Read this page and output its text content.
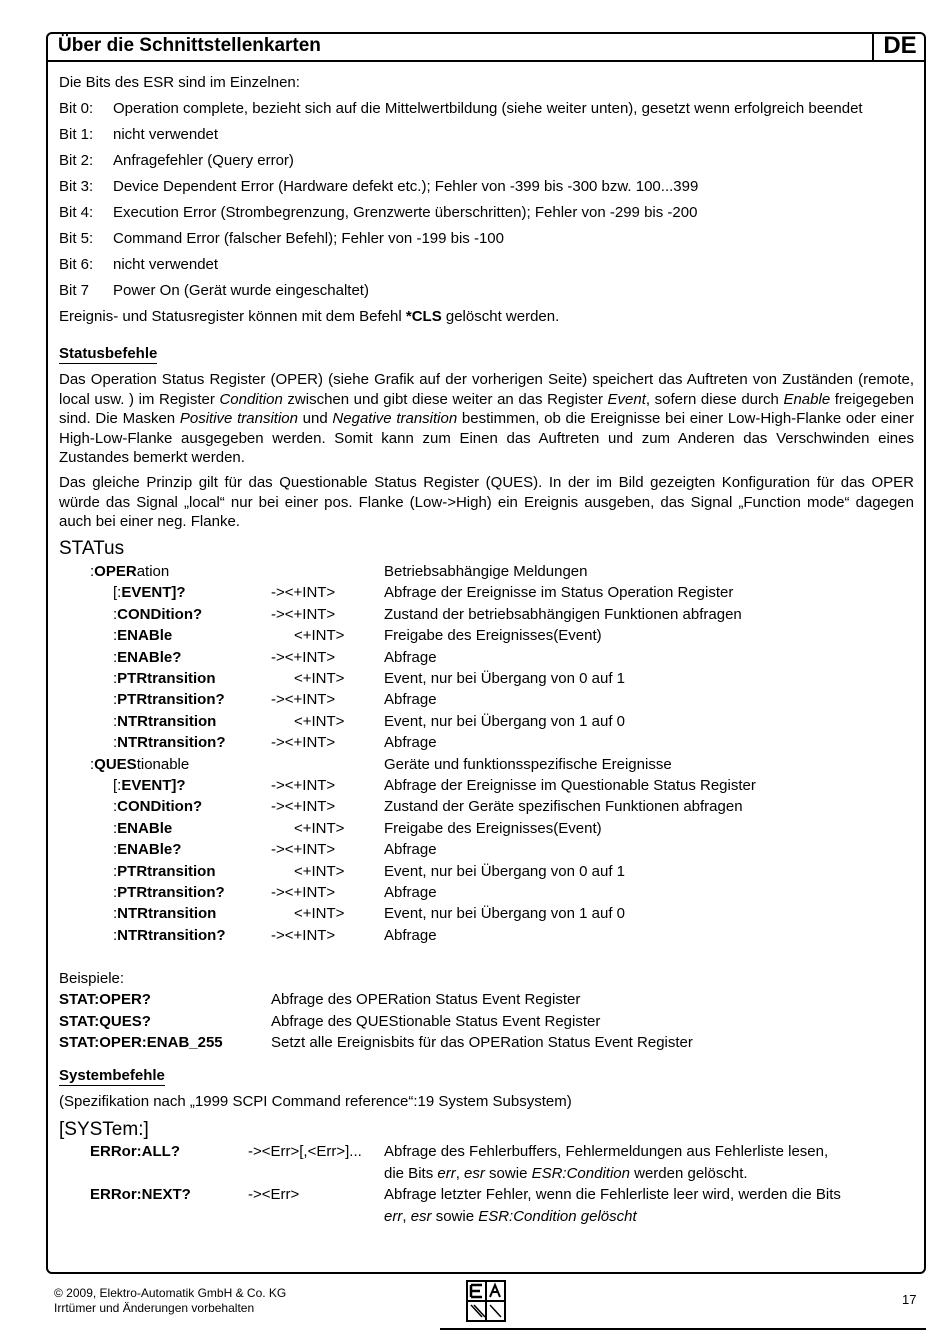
Über die Schnittstellenkarten	DE
Die Bits des ESR sind im Einzelnen:
Bit 0: Operation complete, bezieht sich auf die Mittelwertbildung (siehe weiter unten), gesetzt wenn erfolgreich beendet
Bit 1: nicht verwendet
Bit 2: Anfragefehler (Query error)
Bit 3: Device Dependent Error (Hardware defekt etc.); Fehler von -399 bis -300 bzw. 100...399
Bit 4: Execution Error (Strombegrenzung, Grenzwerte überschritten); Fehler von -299 bis -200
Bit 5: Command Error (falscher Befehl); Fehler von -199 bis -100
Bit 6: nicht verwendet
Bit 7 Power On (Gerät wurde eingeschaltet)
Ereignis- und Statusregister können mit dem Befehl *CLS gelöscht werden.
Statusbefehle
Das Operation Status Register (OPER) (siehe Grafik auf der vorherigen Seite) speichert das Auftreten von Zuständen (remote, local usw. ) im Register Condition zwischen und gibt diese weiter an das Register Event, sofern diese durch Enable freigegeben sind. Die Masken Positive transition und Negative transition bestimmen, ob die Ereignisse bei einer Low-High-Flanke oder einer High-Low-Flanke ausgegeben werden. Somit kann zum Einen das Auftreten und zum Anderen das Verschwinden eines Zustandes bemerkt werden.
Das gleiche Prinzip gilt für das Questionable Status Register (QUES). In der im Bild gezeigten Konfiguration für das OPER würde das Signal „local“ nur bei einer pos. Flanke (Low->High) ein Ereignis ausgeben, das Signal „Function mode“ dagegen auch bei einer neg. Flanke.
STATus
:OPERation	Betriebsabhängige Meldungen
[:EVENT]?	-><+INT>	Abfrage der Ereignisse im Status Operation Register
:CONDition?	-><+INT>	Zustand der betriebsabhängigen Funktionen abfragen
:ENABle	<+INT>	Freigabe des Ereignisses(Event)
:ENABle?	-><+INT>	Abfrage
:PTRtransition	<+INT>	Event, nur bei Übergang von 0 auf 1
:PTRtransition?	-><+INT>	Abfrage
:NTRtransition	<+INT>	Event, nur bei Übergang von 1 auf 0
:NTRtransition?	-><+INT>	Abfrage
:QUEStionable	Geräte und funktionsspezifische Ereignisse
[:EVENT]?	-><+INT>	Abfrage der Ereignisse im Questionable Status Register
:CONDition?	-><+INT>	Zustand der Geräte spezifischen Funktionen abfragen
:ENABle	<+INT>	Freigabe des Ereignisses(Event)
:ENABle?	-><+INT>	Abfrage
:PTRtransition	<+INT>	Event, nur bei Übergang von 0 auf 1
:PTRtransition?	-><+INT>	Abfrage
:NTRtransition	<+INT>	Event, nur bei Übergang von 1 auf 0
:NTRtransition?	-><+INT>	Abfrage
Beispiele:
STAT:OPER?	Abfrage des OPERation Status Event Register
STAT:QUES?	Abfrage des QUEStionable Status Event Register
STAT:OPER:ENAB_255	Setzt alle Ereignisbits für das OPERation Status Event Register
Systembefehle
(Spezifikation nach „1999 SCPI Command reference“:19 System Subsystem)
[SYSTem:]
ERRor:ALL?	-><Err>[,<Err>]... Abfrage des Fehlerbuffers, Fehlermeldungen aus Fehlerliste lesen,
die Bits err, esr sowie ESR:Condition werden gelöscht.
ERRor:NEXT?	-><Err>	Abfrage letzter Fehler, wenn die Fehlerliste leer wird, werden die Bits
err, esr sowie ESR:Condition gelöscht
© 2009, Elektro-Automatik GmbH & Co. KG
Irrtümer und Änderungen vorbehalten
17
